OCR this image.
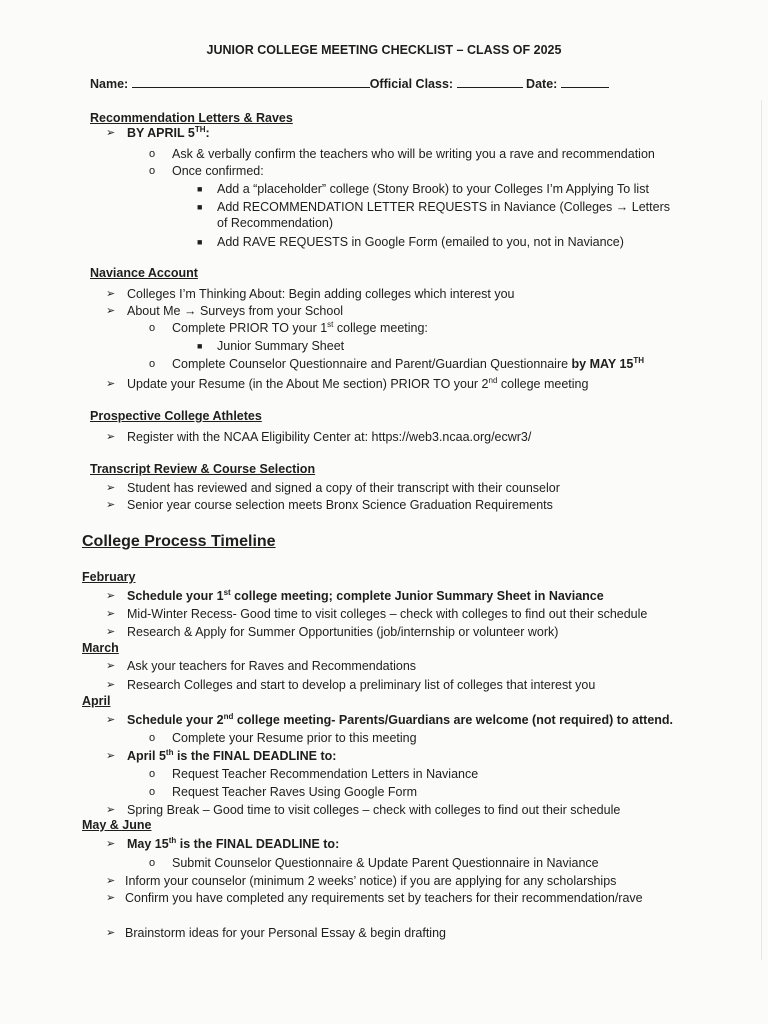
JUNIOR COLLEGE MEETING CHECKLIST – CLASS OF 2025
Name:	Official Class:	Date:
Recommendation Letters & Raves
➢ BY APRIL 5TH:
o Ask & verbally confirm the teachers who will be writing you a rave and recommendation
o Once confirmed:
■ Add a “placeholder” college (Stony Brook) to your Colleges I’m Applying To list
■ Add RECOMMENDATION LETTER REQUESTS in Naviance (Colleges → Letters of Recommendation)
■ Add RAVE REQUESTS in Google Form (emailed to you, not in Naviance)
Naviance Account
➢ Colleges I’m Thinking About: Begin adding colleges which interest you
➢ About Me → Surveys from your School
o Complete PRIOR TO your 1st college meeting:
■ Junior Summary Sheet
o Complete Counselor Questionnaire and Parent/Guardian Questionnaire by MAY 15TH
➢ Update your Resume (in the About Me section) PRIOR TO your 2nd college meeting
Prospective College Athletes
➢ Register with the NCAA Eligibility Center at: https://web3.ncaa.org/ecwr3/
Transcript Review & Course Selection
➢ Student has reviewed and signed a copy of their transcript with their counselor
➢ Senior year course selection meets Bronx Science Graduation Requirements
College Process Timeline
February
➢ Schedule your 1st college meeting; complete Junior Summary Sheet in Naviance
➢ Mid-Winter Recess- Good time to visit colleges – check with colleges to find out their schedule
➢ Research & Apply for Summer Opportunities (job/internship or volunteer work)
March
➢ Ask your teachers for Raves and Recommendations
➢ Research Colleges and start to develop a preliminary list of colleges that interest you
April
➢ Schedule your 2nd college meeting- Parents/Guardians are welcome (not required) to attend.
o Complete your Resume prior to this meeting
➢ April 5th is the FINAL DEADLINE to:
o Request Teacher Recommendation Letters in Naviance
o Request Teacher Raves Using Google Form
➢ Spring Break – Good time to visit colleges – check with colleges to find out their schedule
May & June
➢ May 15th is the FINAL DEADLINE to:
o Submit Counselor Questionnaire & Update Parent Questionnaire in Naviance
➢ Inform your counselor (minimum 2 weeks’ notice) if you are applying for any scholarships
➢ Confirm you have completed any requirements set by teachers for their recommendation/rave
➢ Brainstorm ideas for your Personal Essay & begin drafting
